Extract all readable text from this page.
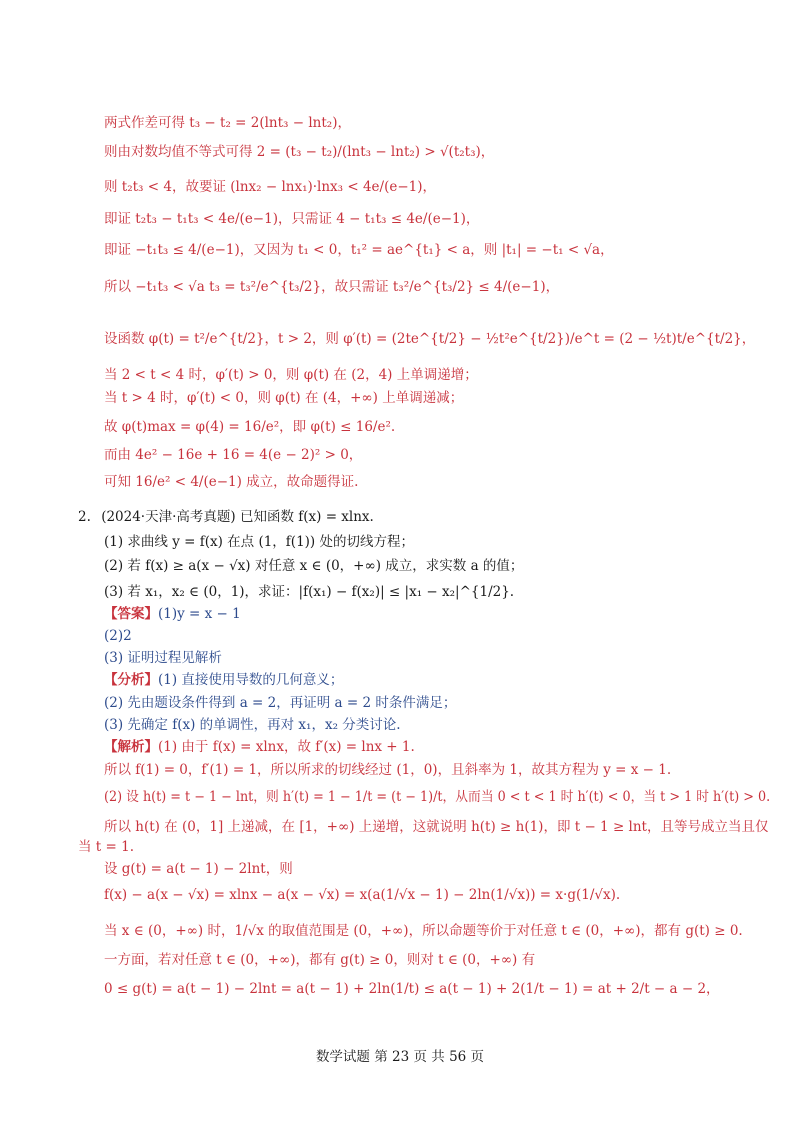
两式作差可得 t₃ − t₂ = 2(lnt₃ − lnt₂)，
则由对数均值不等式可得 2 = (t₃ − t₂)/(lnt₃ − lnt₂) > √(t₂t₃)，
则 t₂t₃ < 4，故要证 (lnx₂ − lnx₁)·lnx₃ < 4e/(e−1)，
即证 t₂t₃ − t₁t₃ < 4e/(e−1)，只需证 4 − t₁t₃ ≤ 4e/(e−1)，
即证 −t₁t₃ ≤ 4/(e−1)，又因为 t₁ < 0，t₁² = ae^{t₁} < a，则 |t₁| = −t₁ < √a，
所以 −t₁t₃ < √a t₃ = t₃²/e^{t₃/2}，故只需证 t₃²/e^{t₃/2} ≤ 4/(e−1)，
设函数 φ(t) = t²/e^{t/2}，t > 2，则 φ′(t) = (2te^{t/2} − ½t²e^{t/2})/e^t = (2 − ½t)t/e^{t/2}，
当 2 < t < 4 时，φ′(t) > 0，则 φ(t) 在 (2，4) 上单调递增；
当 t > 4 时，φ′(t) < 0，则 φ(t) 在 (4，+∞) 上单调递减；
故 φ(t)max = φ(4) = 16/e²，即 φ(t) ≤ 16/e².
而由 4e² − 16e + 16 = 4(e − 2)² > 0，
可知 16/e² < 4/(e−1) 成立，故命题得证.
2. (2024·天津·高考真题) 已知函数 f(x) = xlnx.
(1) 求曲线 y = f(x) 在点 (1，f(1)) 处的切线方程；
(2) 若 f(x) ≥ a(x − √x) 对任意 x ∈ (0，+∞) 成立，求实数 a 的值；
(3) 若 x₁，x₂ ∈ (0，1)，求证：|f(x₁) − f(x₂)| ≤ |x₁ − x₂|^{1/2}.
【答案】(1)y = x − 1
(2)2
(3) 证明过程见解析
【分析】(1) 直接使用导数的几何意义；
(2) 先由题设条件得到 a = 2，再证明 a = 2 时条件满足；
(3) 先确定 f(x) 的单调性，再对 x₁，x₂ 分类讨论.
【解析】(1) 由于 f(x) = xlnx，故 f′(x) = lnx + 1.
所以 f(1) = 0，f′(1) = 1，所以所求的切线经过 (1，0)，且斜率为 1，故其方程为 y = x − 1.
(2) 设 h(t) = t − 1 − lnt，则 h′(t) = 1 − 1/t = (t − 1)/t，从而当 0 < t < 1 时 h′(t) < 0，当 t > 1 时 h′(t) > 0.
所以 h(t) 在 (0，1] 上递减，在 [1，+∞) 上递增，这就说明 h(t) ≥ h(1)，即 t − 1 ≥ lnt，且等号成立当且仅
当 t = 1.
设 g(t) = a(t − 1) − 2lnt，则
f(x) − a(x − √x) = xlnx − a(x − √x) = x(a(1/√x − 1) − 2ln(1/√x)) = x·g(1/√x).
当 x ∈ (0，+∞) 时，1/√x 的取值范围是 (0，+∞)，所以命题等价于对任意 t ∈ (0，+∞)，都有 g(t) ≥ 0.
一方面，若对任意 t ∈ (0，+∞)，都有 g(t) ≥ 0，则对 t ∈ (0，+∞) 有
0 ≤ g(t) = a(t − 1) − 2lnt = a(t − 1) + 2ln(1/t) ≤ a(t − 1) + 2(1/t − 1) = at + 2/t − a − 2，
数学试题 第 23 页 共 56 页
